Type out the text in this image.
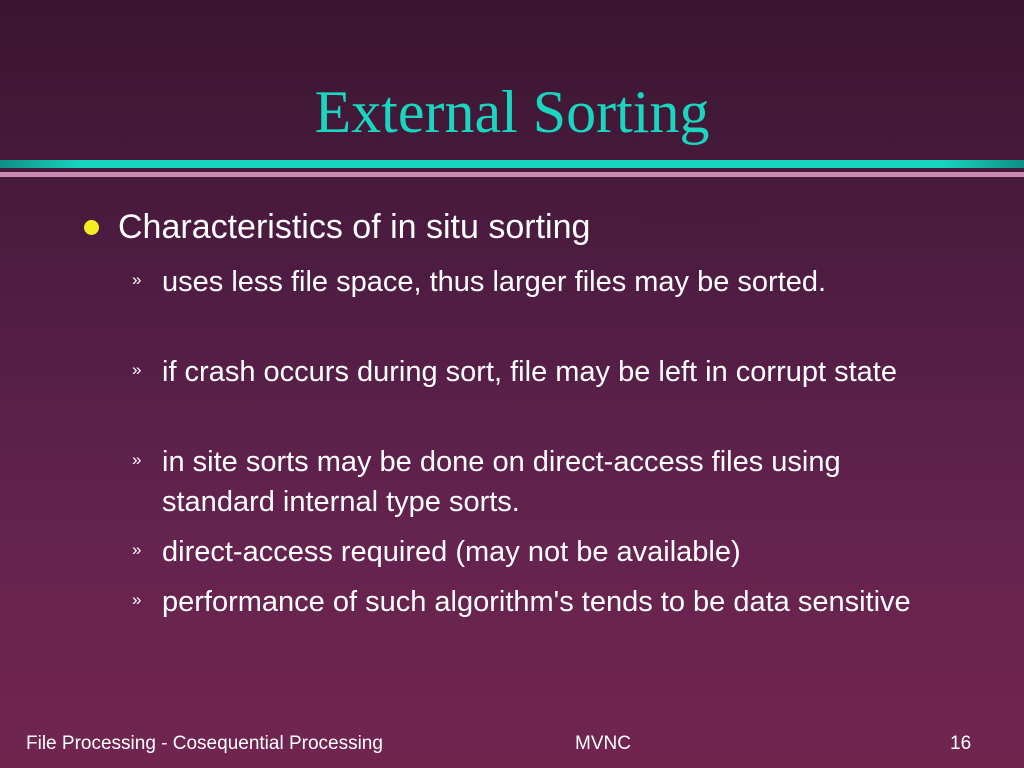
External Sorting
Characteristics of in situ sorting
» uses less file space, thus larger files may be sorted.
» if crash occurs during sort, file may be left in corrupt state
» in site sorts may be done on direct-access files using standard internal type sorts.
» direct-access required (may not be available)
» performance of such algorithm's tends to be data sensitive
File Processing - Cosequential Processing	MVNC	16
